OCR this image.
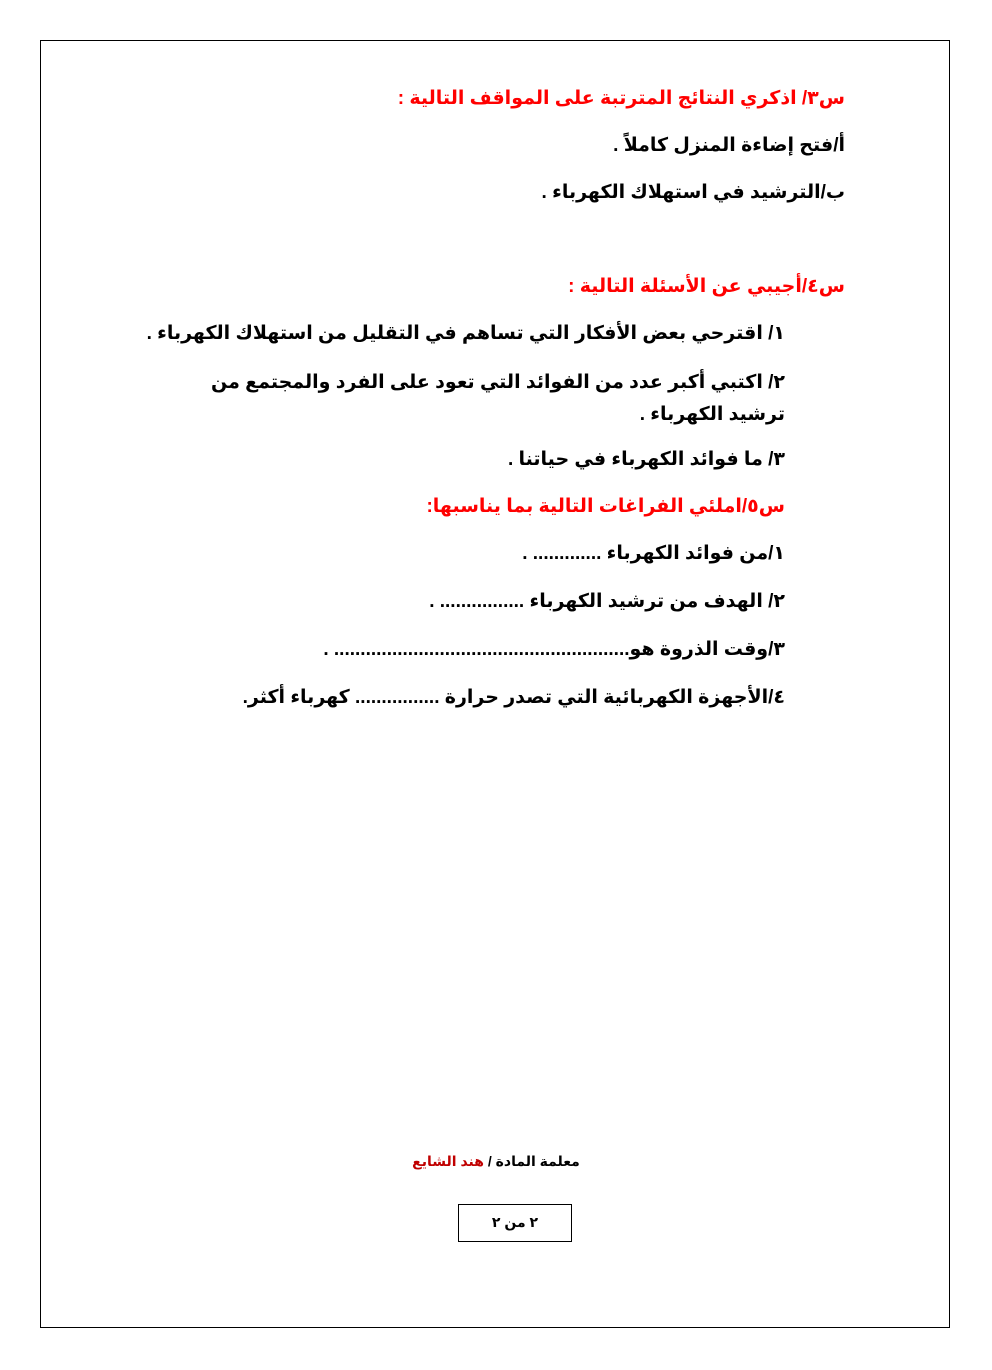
س٣/ اذكري النتائج المترتبة على المواقف التالية :
أ/فتح إضاءة المنزل كاملاً .
ب/الترشيد في استهلاك الكهرباء .
س٤/أجيبي عن الأسئلة التالية :
١/ اقترحي بعض الأفكار التي تساهم في التقليل من استهلاك الكهرباء .
٢/ اكتبي أكبر عدد من الفوائد التي تعود على الفرد والمجتمع من ترشيد الكهرباء .
٣/ ما فوائد الكهرباء في حياتنا .
س٥/املئي الفراغات التالية بما يناسبها:
١/من فوائد الكهرباء ............. .
٢/ الهدف من ترشيد الكهرباء ................ .
٣/وقت الذروة هو........................................................ .
٤/الأجهزة الكهربائية التي تصدر حرارة ................ كهرباء أكثر.
معلمة المادة / هند الشايع
٢ من ٢
